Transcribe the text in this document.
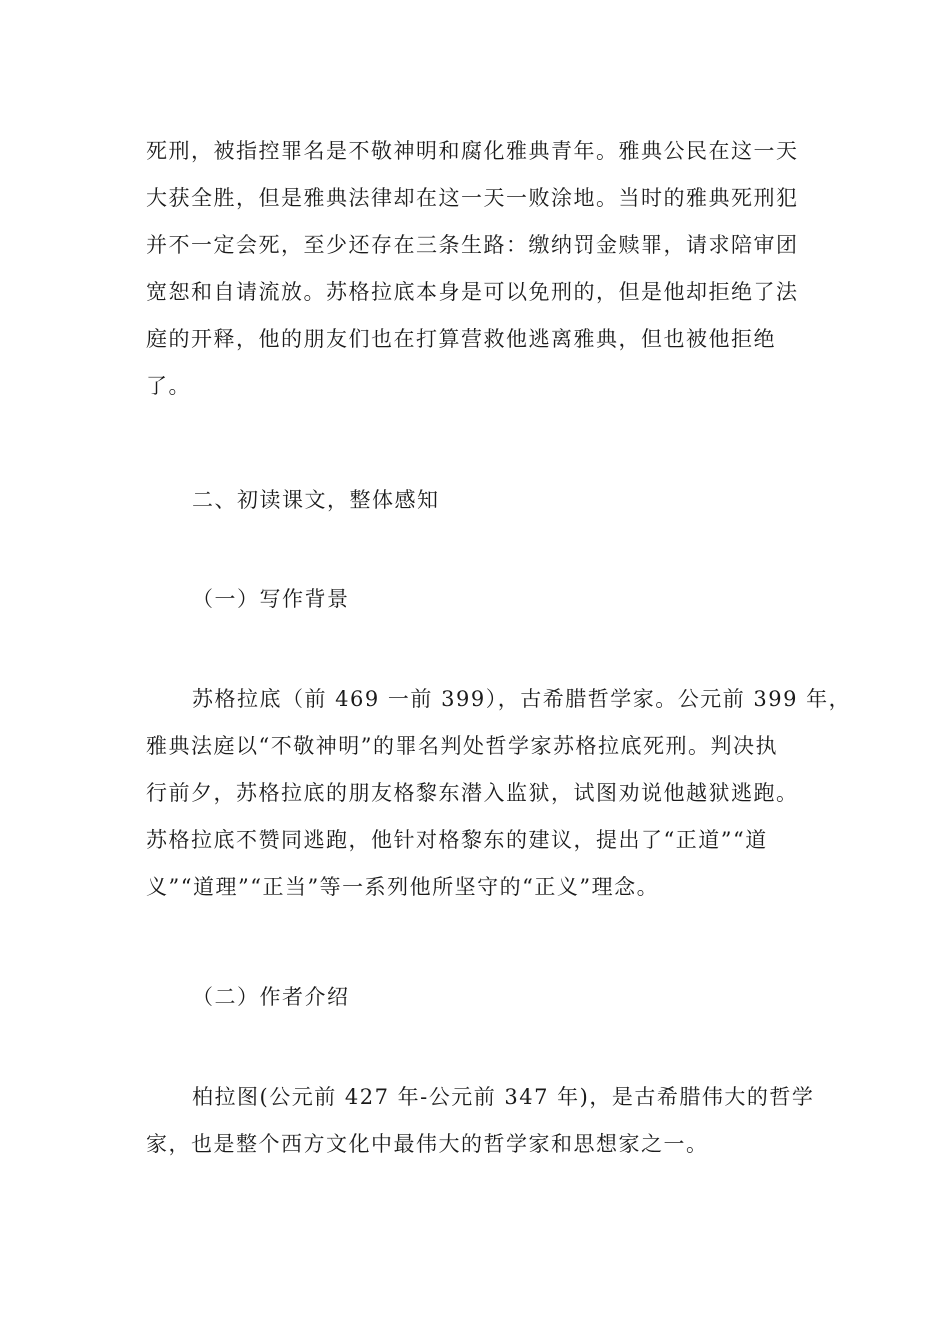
死刑，被指控罪名是不敬神明和腐化雅典青年。雅典公民在这一天
大获全胜，但是雅典法律却在这一天一败涂地。当时的雅典死刑犯
并不一定会死，至少还存在三条生路：缴纳罚金赎罪，请求陪审团
宽恕和自请流放。苏格拉底本身是可以免刑的，但是他却拒绝了法
庭的开释，他的朋友们也在打算营救他逃离雅典，但也被他拒绝
了。
二、初读课文，整体感知
（一）写作背景
苏格拉底（前 469 一前 399），古希腊哲学家。公元前 399 年，
雅典法庭以“不敬神明”的罪名判处哲学家苏格拉底死刑。判决执
行前夕，苏格拉底的朋友格黎东潜入监狱，试图劝说他越狱逃跑。
苏格拉底不赞同逃跑，他针对格黎东的建议，提出了“正道”“道
义”“道理”“正当”等一系列他所坚守的“正义”理念。
（二）作者介绍
柏拉图(公元前 427 年-公元前 347 年)，是古希腊伟大的哲学
家，也是整个西方文化中最伟大的哲学家和思想家之一。
